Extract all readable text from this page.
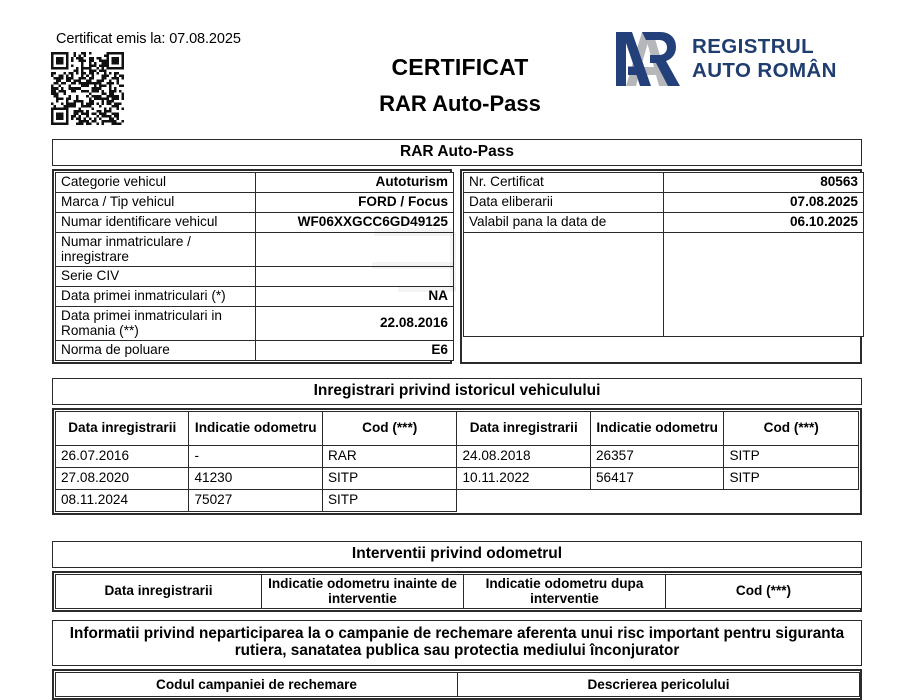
Certificat emis la: 07.08.2025
CERTIFICAT
RAR Auto-Pass
REGISTRUL
AUTO ROMÂN
RAR Auto-Pass
Categorie vehicul	Autoturism
Marca / Tip vehicul	FORD / Focus
Numar identificare vehicul	WF06XXGCC6GD49125
Numar inmatriculare / inregistrare	
Serie CIV	
Data primei inmatriculari (*)	NA
Data primei inmatriculari in Romania (**)	22.08.2016
Norma de poluare	E6
Nr. Certificat	80563
Data eliberarii	07.08.2025
Valabil pana la data de	06.10.2025

Inregistrari privind istoricul vehiculului
Data inregistrarii	Indicatie odometru	Cod (***)	Data inregistrarii	Indicatie odometru	Cod (***)
26.07.2016	-	RAR	24.08.2018	26357	SITP
27.08.2020	41230	SITP	10.11.2022	56417	SITP
08.11.2024	75027	SITP			
Interventii privind odometrul
Data inregistrarii	Indicatie odometru inainte de interventie	Indicatie odometru dupa interventie	Cod (***)
Informatii privind neparticiparea la o campanie de rechemare aferenta unui risc important pentru siguranta rutiera, sanatatea publica sau protectia mediului înconjurator
Codul campaniei de rechemare	Descrierea pericolului
